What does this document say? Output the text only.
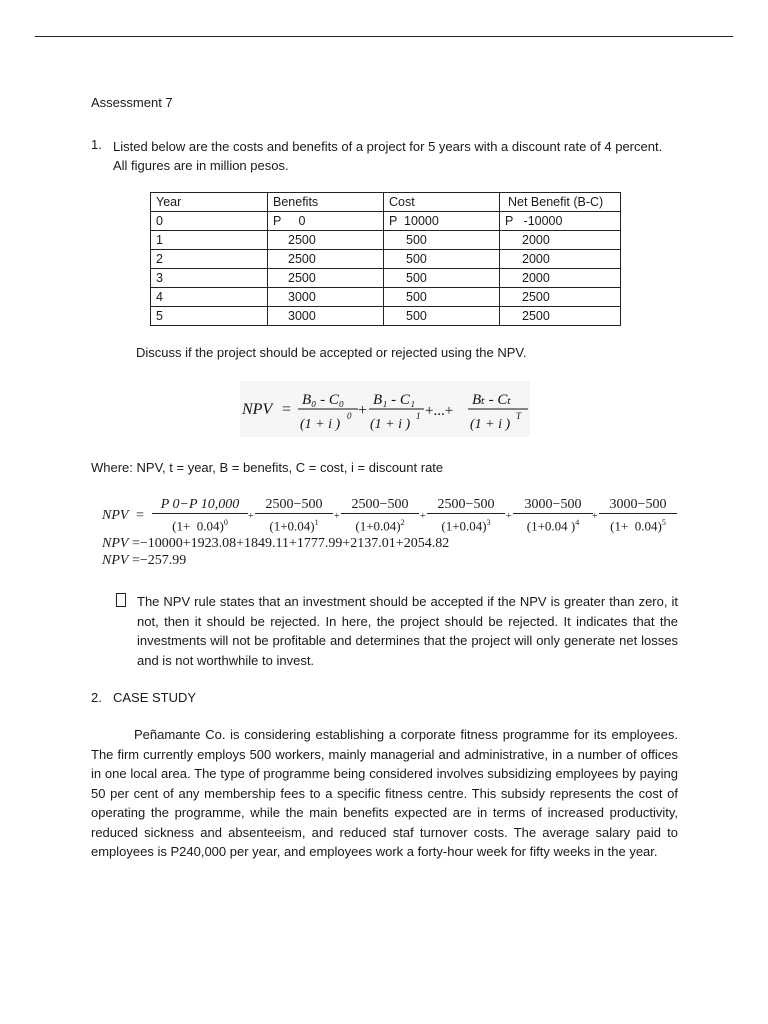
Assessment 7
1. Listed below are the costs and benefits of a project for 5 years with a discount rate of 4 percent. All figures are in million pesos.
Year	Benefits	Cost	Net Benefit (B-C)
0	P     0	P  10000	P   -10000
1	2500	500	2000
2	2500	500	2000
3	2500	500	2000
4	3000	500	2500
5	3000	500	2500
Discuss if the project should be accepted or rejected using the NPV.
NPV =
B₀ - C₀
(1 + i )
0 +
B₁ - C₁
(1 + i )
1 +...+
Bₜ - Cₜ
(1 + i )
T
Where: NPV, t = year, B = benefits, C = cost, i = discount rate
NPV = $\frac{P 0-P 10,000}{(1+ 0.04)^0} + \frac{2500-500}{(1+0.04)^1} + \frac{2500-500}{(1+0.04)^2} + \frac{2500-500}{(1+0.04)^3} + \frac{3000-500}{(1+0.04 )^4} + \frac{3000-500}{(1+ 0.04)^5}$
NPV =−10000+1923.08+1849.11+1777.99+2137.01+2054.82
NPV =−257.99
The NPV rule states that an investment should be accepted if the NPV is greater than zero, it not, then it should be rejected. In here, the project should be rejected. It indicates that the investments will not be profitable and determines that the project will only generate net losses and is not worthwhile to invest.
2. CASE STUDY
Peñamante Co. is considering establishing a corporate fitness programme for its employees. The firm currently employs 500 workers, mainly managerial and administrative, in a number of offices in one local area. The type of programme being considered involves subsidizing employees by paying 50 per cent of any membership fees to a specific fitness centre. This subsidy represents the cost of operating the programme, while the main benefits expected are in terms of increased productivity, reduced sickness and absenteeism, and reduced staf turnover costs. The average salary paid to employees is P240,000 per year, and employees work a forty-hour week for fifty weeks in the year.
